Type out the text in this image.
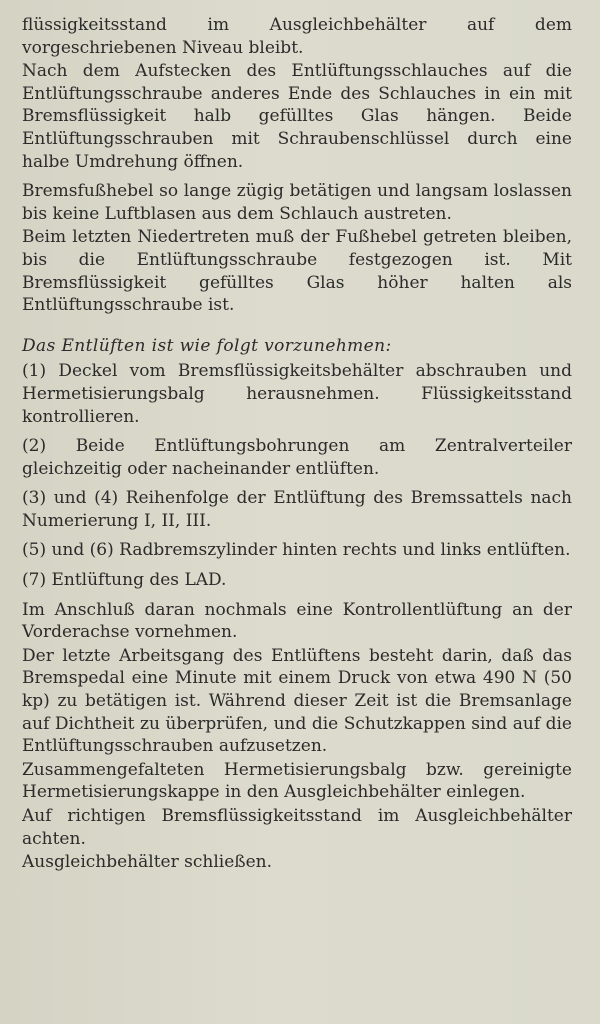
flüssigkeitsstand im Ausgleichbehälter auf dem vorgeschriebenen Niveau bleibt.

Nach dem Aufstecken des Entlüftungsschlauches auf die Entlüftungsschraube anderes Ende des Schlauches in ein mit Bremsflüssigkeit halb gefülltes Glas hängen. Beide Entlüftungsschrauben mit Schraubenschlüssel durch eine halbe Umdrehung öffnen.

Bremsfußhebel so lange zügig betätigen und langsam loslassen bis keine Luftblasen aus dem Schlauch austreten.

Beim letzten Niedertreten muß der Fußhebel getreten bleiben, bis die Entlüftungsschraube festgezogen ist. Mit Bremsflüssigkeit gefülltes Glas höher halten als Entlüftungsschraube ist.

Das Entlüften ist wie folgt vorzunehmen:

(1) Deckel vom Bremsflüssigkeitsbehälter abschrauben und Hermetisierungsbalg herausnehmen. Flüssigkeitsstand kontrollieren.

(2) Beide Entlüftungsbohrungen am Zentralverteiler gleichzeitig oder nacheinander entlüften.

(3) und (4) Reihenfolge der Entlüftung des Bremssattels nach Numerierung I, II, III.

(5) und (6) Radbremszylinder hinten rechts und links entlüften.

(7) Entlüftung des LAD.

Im Anschluß daran nochmals eine Kontrollentlüftung an der Vorderachse vornehmen.

Der letzte Arbeitsgang des Entlüftens besteht darin, daß das Bremspedal eine Minute mit einem Druck von etwa 490 N (50 kp) zu betätigen ist. Während dieser Zeit ist die Bremsanlage auf Dichtheit zu überprüfen, und die Schutzkappen sind auf die Entlüftungsschrauben aufzusetzen.

Zusammengefalteten Hermetisierungsbalg bzw. gereinigte Hermetisierungskappe in den Ausgleichbehälter einlegen.

Auf richtigen Bremsflüssigkeitsstand im Ausgleichbehälter achten.

Ausgleichbehälter schließen.
